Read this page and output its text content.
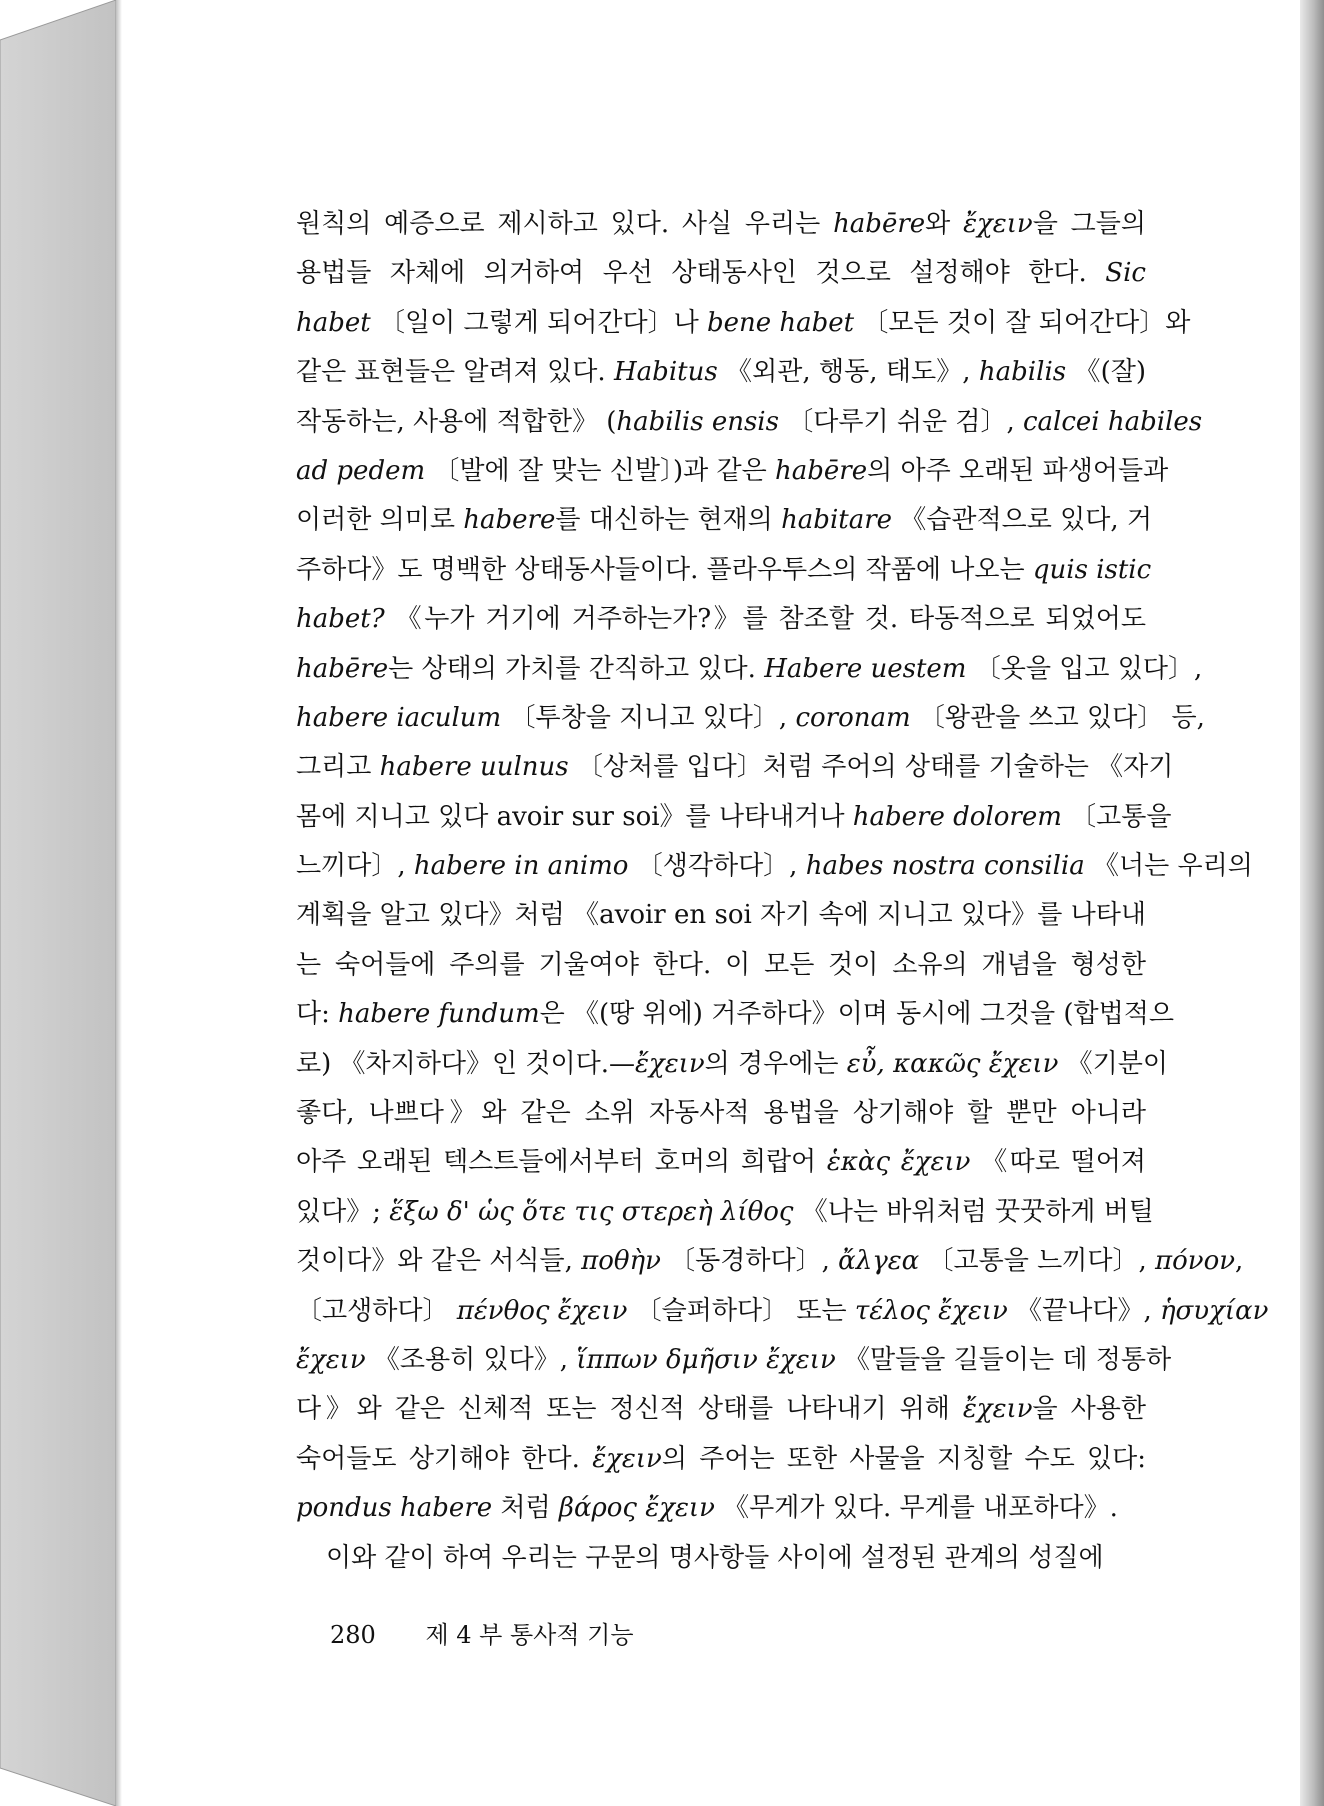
원칙의 예증으로 제시하고 있다. 사실 우리는 habēre와 ἔχειν을 그들의
용법들 자체에 의거하여 우선 상태동사인 것으로 설정해야 한다. Sic
habet 〔일이 그렇게 되어간다〕나 bene habet 〔모든 것이 잘 되어간다〕와
같은 표현들은 알려져 있다. Habitus 《외관, 행동, 태도》, habilis 《(잘)
작동하는, 사용에 적합한》 (habilis ensis 〔다루기 쉬운 검〕, calcei habiles
ad pedem 〔발에 잘 맞는 신발〕)과 같은 habēre의 아주 오래된 파생어들과
이러한 의미로 habere를 대신하는 현재의 habitare 《습관적으로 있다, 거
주하다》도 명백한 상태동사들이다. 플라우투스의 작품에 나오는 quis istic
habet? 《누가 거기에 거주하는가?》를 참조할 것. 타동적으로 되었어도
habēre는 상태의 가치를 간직하고 있다. Habere uestem 〔옷을 입고 있다〕,
habere iaculum 〔투창을 지니고 있다〕, coronam 〔왕관을 쓰고 있다〕 등,
그리고 habere uulnus 〔상처를 입다〕처럼 주어의 상태를 기술하는 《자기
몸에 지니고 있다 avoir sur soi》를 나타내거나 habere dolorem 〔고통을
느끼다〕, habere in animo 〔생각하다〕, habes nostra consilia 《너는 우리의
계획을 알고 있다》처럼 《avoir en soi 자기 속에 지니고 있다》를 나타내
는 숙어들에 주의를 기울여야 한다. 이 모든 것이 소유의 개념을 형성한
다: habere fundum은 《(땅 위에) 거주하다》이며 동시에 그것을 (합법적으
로) 《차지하다》인 것이다.—ἔχειν의 경우에는 εὖ, κακῶς ἔχειν 《기분이
좋다, 나쁘다》와 같은 소위 자동사적 용법을 상기해야 할 뿐만 아니라
아주 오래된 텍스트들에서부터 호머의 희랍어 ἑκὰς ἔχειν 《따로 떨어져
있다》; ἕξω δ' ὡς ὅτε τις στερεὴ λίθος 《나는 바위처럼 꿋꿋하게 버틸
것이다》와 같은 서식들, ποθὴν 〔동경하다〕, ἄλγεα 〔고통을 느끼다〕, πόνον,
〔고생하다〕 πένθος ἔχειν 〔슬퍼하다〕 또는 τέλος ἔχειν 《끝나다》, ἡσυχίαν
ἔχειν 《조용히 있다》, ἵππων δμῆσιν ἔχειν 《말들을 길들이는 데 정통하
다》와 같은 신체적 또는 정신적 상태를 나타내기 위해 ἔχειν을 사용한
숙어들도 상기해야 한다. ἔχειν의 주어는 또한 사물을 지칭할 수도 있다:
pondus habere 처럼 βάρος ἔχειν 《무게가 있다. 무게를 내포하다》.
이와 같이 하여 우리는 구문의 명사항들 사이에 설정된 관계의 성질에
280 제 4 부 통사적 기능
